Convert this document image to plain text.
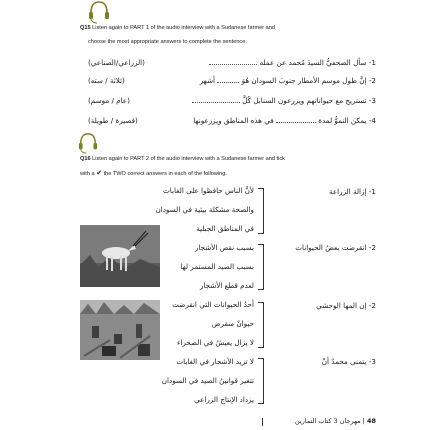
Q15 Listen again to PART 1 of the audio interview with a Sudanese farmer and
choose the most appropriate answers to complete the sentence.
1- سأل الصحفيُّ السيدَ مُحمد عن عمله
(الزراعي/الصناعي)
2- إنَّ طول موسم الأمطار جنوبَ السودان هُوَ  أشهر
(ثلاثة / سته)
3- تستريح مع حيواناتهم ويزرعون السنابل كُلَّ
(عام / موسم)
4- يمكن النموُّ لمدة  في هذه المناطق ويزرعونها
(قصيرة / طويلة)
Q16 Listen again to PART 2 of the audio interview with a Sudanese farmer and tick
with a ✔ the TWO correct answers in each of the following.
1- إزالة الزراعة
لأنَّ الناس حافظوا على الغابات
والصحة مشكلة بيئية في السودان
في المناطق الجبلية
2- انقرضت بعضُ الحيوانات
بسبب نقص الأشجار
بسبب الصيد المستمر لها
لعدم قطع الأشجار
2- إن المها الوحشي
أحدُ الحيوانات التي انقرضت
حيوانٌ منقرض
لا يزال يعيشُ في الصحراء
3- يتمنى محمدٌ أنْ
لا تزيد الأشجار في الغابات
تتغير قوانينُ الصيد في السودان
يزداد الإنتاج الزراعي
48 | مهرجان 3 كتاب التمارين
